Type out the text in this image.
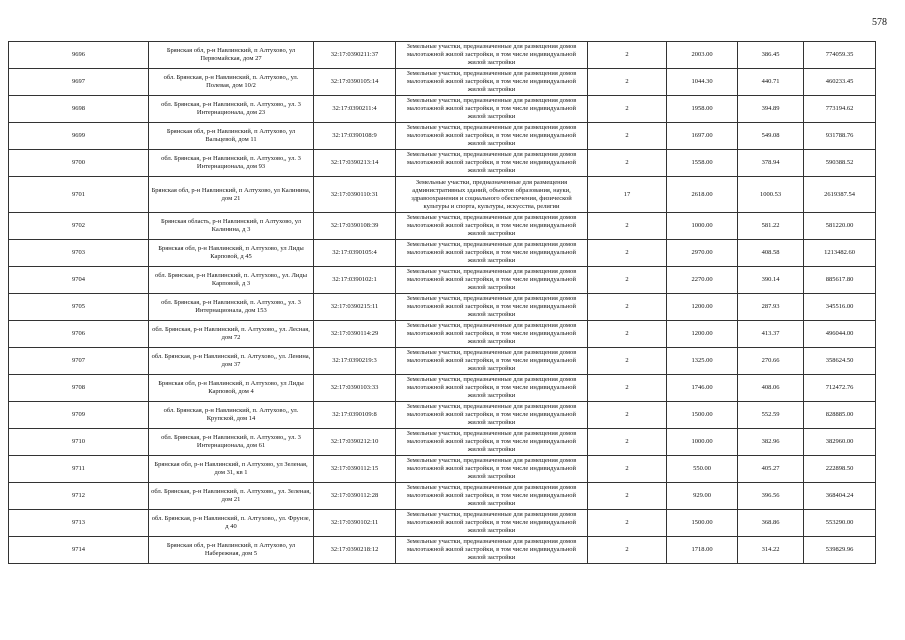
578
9696	Брянская обл, р-н Навлинский, п Алтухово, ул Первомайская, дом 27	32:17:0390211:37	Земельные участки, предназначенные для размещения домов малоэтажной жилой застройки, в том числе индивидуальной жилой застройки	2	2003.00	386.45	774059.35
9697	обл. Брянская, р-н Навлинский, п. Алтухово,, ул. Полевая, дом 10/2	32:17:0390105:14	Земельные участки, предназначенные для размещения домов малоэтажной жилой застройки, в том числе индивидуальной жилой застройки	2	1044.30	440.71	460233.45
9698	обл. Брянская, р-н Навлинский, п. Алтухово,, ул. 3 Интернационала, дом 23	32:17:0390211:4	Земельные участки, предназначенные для размещения домов малоэтажной жилой застройки, в том числе индивидуальной жилой застройки	2	1958.00	394.89	773194.62
9699	Брянская обл, р-н Навлинский, п Алтухово, ул Вальцевой, дом 11	32:17:0390108:9	Земельные участки, предназначенные для размещения домов малоэтажной жилой застройки, в том числе индивидуальной жилой застройки	2	1697.00	549.08	931788.76
9700	обл. Брянская, р-н Навлинский, п. Алтухово,, ул. 3 Интернационала, дом 93	32:17:0390213:14	Земельные участки, предназначенные для размещения домов малоэтажной жилой застройки, в том числе индивидуальной жилой застройки	2	1558.00	378.94	590388.52
9701	Брянская обл, р-н Навлинский, п Алтухово, ул Калинина, дом 21	32:17:0390110:31	Земельные участки, предназначенные для размещения административных зданий, объектов образования, науки, здравоохранения и социального обеспечения, физической культуры и спорта, культуры, искусства, религии	17	2618.00	1000.53	2619387.54
9702	Брянская область, р-н Навлинский, п Алтухово, ул Калинина, д 3	32:17:0390108:39	Земельные участки, предназначенные для размещения домов малоэтажной жилой застройки, в том числе индивидуальной жилой застройки	2	1000.00	581.22	581220.00
9703	Брянская обл, р-н Навлинский, п Алтухово, ул Лиды Карповой, д 45	32:17:0390105:4	Земельные участки, предназначенные для размещения домов малоэтажной жилой застройки, в том числе индивидуальной жилой застройки	2	2970.00	408.58	1213482.60
9704	обл. Брянская, р-н Навлинский, п. Алтухово,, ул. Лиды Карповой, д 3	32:17:0390102:1	Земельные участки, предназначенные для размещения домов малоэтажной жилой застройки, в том числе индивидуальной жилой застройки	2	2270.00	390.14	885617.80
9705	обл. Брянская, р-н Навлинский, п. Алтухово,, ул. 3 Интернационала, дом 153	32:17:0390215:11	Земельные участки, предназначенные для размещения домов малоэтажной жилой застройки, в том числе индивидуальной жилой застройки	2	1200.00	287.93	345516.00
9706	обл. Брянская, р-н Навлинский, п. Алтухово,, ул. Лесная, дом 72	32:17:0390114:29	Земельные участки, предназначенные для размещения домов малоэтажной жилой застройки, в том числе индивидуальной жилой застройки	2	1200.00	413.37	496044.00
9707	обл. Брянская, р-н Навлинский, п. Алтухово,, ул. Ленина, дом 37	32:17:0390219:3	Земельные участки, предназначенные для размещения домов малоэтажной жилой застройки, в том числе индивидуальной жилой застройки	2	1325.00	270.66	358624.50
9708	Брянская обл, р-н Навлинский, п Алтухово, ул Лиды Карповой, дом 4	32:17:0390103:33	Земельные участки, предназначенные для размещения домов малоэтажной жилой застройки, в том числе индивидуальной жилой застройки	2	1746.00	408.06	712472.76
9709	обл. Брянская, р-н Навлинский, п. Алтухово,, ул. Крупской, дом 14	32:17:0390109:8	Земельные участки, предназначенные для размещения домов малоэтажной жилой застройки, в том числе индивидуальной жилой застройки	2	1500.00	552.59	828885.00
9710	обл. Брянская, р-н Навлинский, п. Алтухово,, ул. 3 Интернационала, дом 61	32:17:0390212:10	Земельные участки, предназначенные для размещения домов малоэтажной жилой застройки, в том числе индивидуальной жилой застройки	2	1000.00	382.96	382960.00
9711	Брянская обл, р-н Навлинский, п Алтухово, ул Зеленая, дом 31, кв 1	32:17:0390112:15	Земельные участки, предназначенные для размещения домов малоэтажной жилой застройки, в том числе индивидуальной жилой застройки	2	550.00	405.27	222898.50
9712	обл. Брянская, р-н Навлинский, п. Алтухово,, ул. Зеленая, дом 21	32:17:0390112:28	Земельные участки, предназначенные для размещения домов малоэтажной жилой застройки, в том числе индивидуальной жилой застройки	2	929.00	396.56	368404.24
9713	обл. Брянская, р-н Навлинский, п. Алтухово,, ул. Фрунзе, д 40	32:17:0390102:11	Земельные участки, предназначенные для размещения домов малоэтажной жилой застройки, в том числе индивидуальной жилой застройки	2	1500.00	368.86	553290.00
9714	Брянская обл, р-н Навлинский, п Алтухово, ул Набережная, дом 5	32:17:0390218:12	Земельные участки, предназначенные для размещения домов малоэтажной жилой застройки, в том числе индивидуальной жилой застройки	2	1718.00	314.22	539829.96
